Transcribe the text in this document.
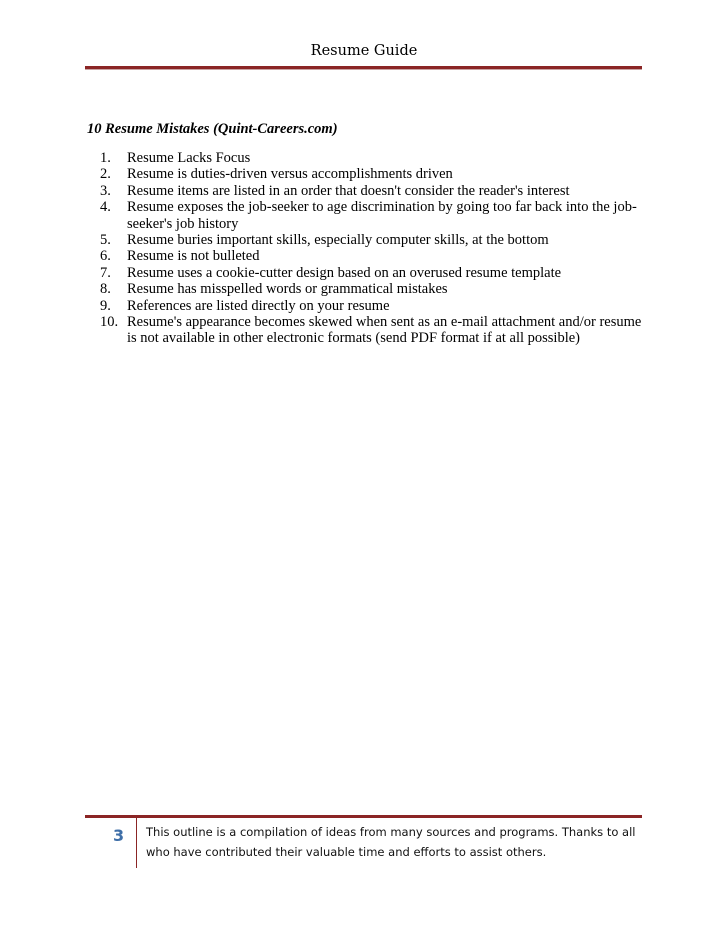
Resume Guide
10 Resume Mistakes (Quint-Careers.com)
1.	Resume Lacks Focus
2.	Resume is duties-driven versus accomplishments driven
3.	Resume items are listed in an order that doesn't consider the reader's interest
4.	Resume exposes the job-seeker to age discrimination by going too far back into the job-seeker's job history
5.	Resume buries important skills, especially computer skills, at the bottom
6.	Resume is not bulleted
7.	Resume uses a cookie-cutter design based on an overused resume template
8.	Resume has misspelled words or grammatical mistakes
9.	References are listed directly on your resume
10. Resume's appearance becomes skewed when sent as an e-mail attachment and/or resume is not available in other electronic formats (send PDF format if at all possible)
3 This outline is a compilation of ideas from many sources and programs. Thanks to all who have contributed their valuable time and efforts to assist others.
